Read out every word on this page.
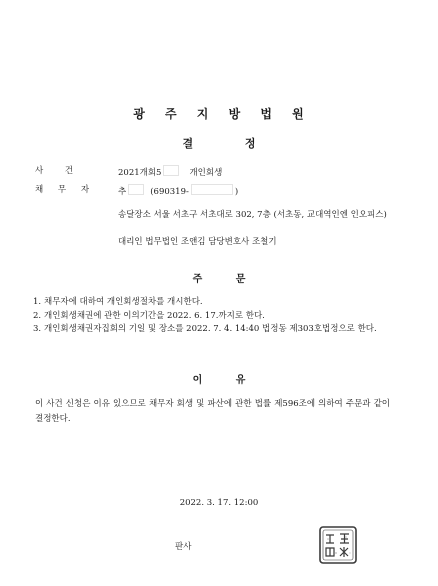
광 주 지 방 법 원
결 정
사 건	2021개회5	개인회생
채 무 자	추	(690319-	)
송달장소 서울 서초구 서초대로 302, 7층 (서초동, 교대역인엔 인오피스)
대리인 법무법인 조앤김 담당변호사 조철기
주 문
1. 채무자에 대하여 개인회생절차를 개시한다.
2. 개인회생채권에 관한 이의기간을 2022. 6. 17.까지로 한다.
3. 개인회생채권자집회의 기일 및 장소를 2022. 7. 4. 14:40 법정동 제303호법정으로 한다.
이 유
이 사건 신청은 이유 있으므로 채무자 회생 및 파산에 관한 법률 제596조에 의하여 주문과 같이 결정한다.
2022. 3. 17. 12:00
판사
